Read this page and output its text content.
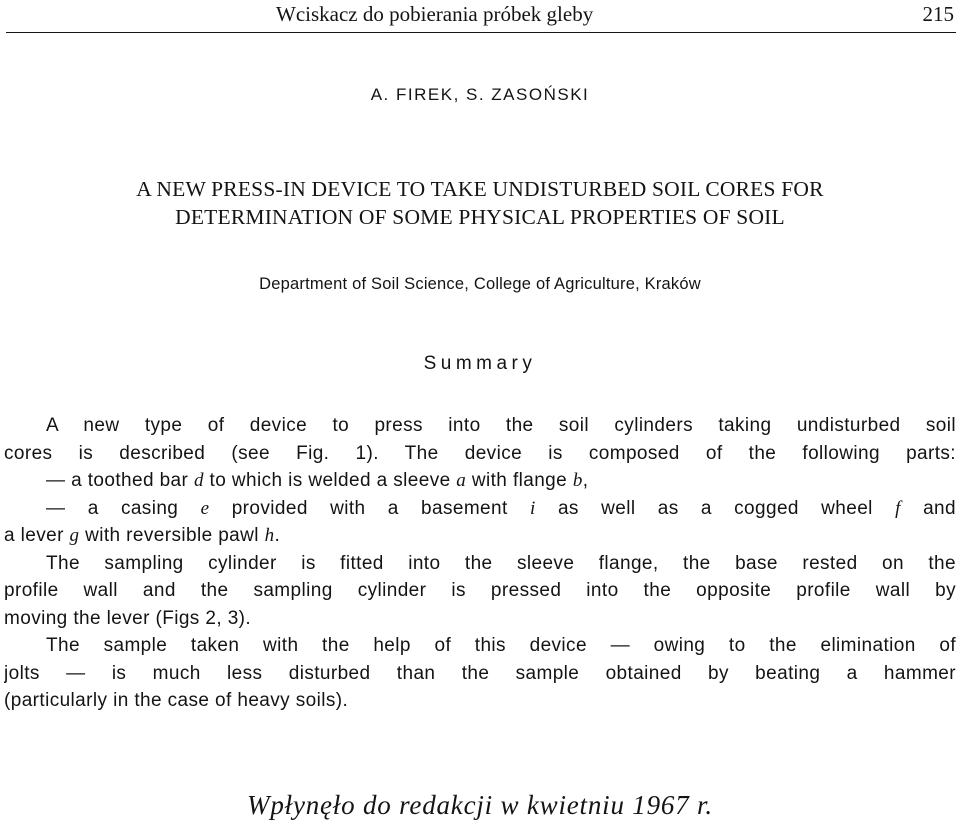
Wciskacz do pobierania próbek gleby	215
A. FIREK, S. ZASOŃSKI
A NEW PRESS-IN DEVICE TO TAKE UNDISTURBED SOIL CORES FOR
DETERMINATION OF SOME PHYSICAL PROPERTIES OF SOIL
Department of Soil Science, College of Agriculture, Kraków
Summary
A new type of device to press into the soil cylinders taking undisturbed soil
cores is described (see Fig. 1). The device is composed of the following parts:
— a toothed bar d to which is welded a sleeve a with flange b,
— a casing e provided with a basement i as well as a cogged wheel f and
a lever g with reversible pawl h.
The sampling cylinder is fitted into the sleeve flange, the base rested on the
profile wall and the sampling cylinder is pressed into the opposite profile wall by
moving the lever (Figs 2, 3).
The sample taken with the help of this device — owing to the elimination of
jolts — is much less disturbed than the sample obtained by beating a hammer
(particularly in the case of heavy soils).
Wpłynęło do redakcji w kwietniu 1967 r.
